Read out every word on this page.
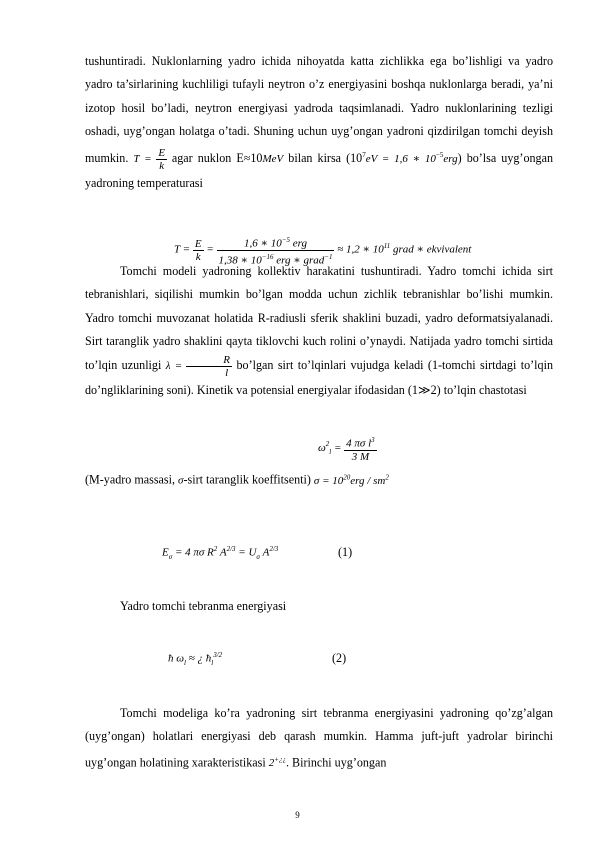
tushuntiradi. Nuklonlarning yadro ichida nihoyatda katta zichlikka ega bo’lishligi va yadro yadro ta’sirlarining kuchliligi tufayli neytron o’z energiyasini boshqa nuklonlarga beradi, ya’ni izotop hosil bo’ladi, neytron energiyasi yadroda taqsimlanadi. Yadro nuklonlarining tezligi oshadi, uyg’ongan holatga o’tadi. Shuning uchun uyg’ongan yadroni qizdirilgan tomchi deyish mumkin. $T = \frac{E}{k}$ agar nuklon E≈10MeV bilan kirsa ($10^7eV = 1,6$ ∗ $10^{-5}erg$) bo’lsa uyg’ongan yadroning temperaturasi
$T = \frac{E}{k} = \frac{1,6 ∗ 10^{-5} erg}{1,38 ∗ 10^{-16} erg ∗ grad^{-1}} \approx 1,2$ ∗ $10^{11}$ grad ∗ ekvivalent
Tomchi modeli yadroning kollektiv harakatini tushuntiradi. Yadro tomchi ichida sirt tebranishlari, siqilishi mumkin bo’lgan modda uchun zichlik tebranishlar bo’lishi mumkin. Yadro tomchi muvozanat holatida R-radiusli sferik shaklini buzadi, yadro deformatsiyalanadi. Sirt taranglik yadro shaklini qayta tiklovchi kuch rolini o’ynaydi. Natijada yadro tomchi sirtida to’lqin uzunligi $\lambda = \frac{R}{l}$ bo’lgan sirt to’lqinlari vujudga keladi (1-tomchi sirtdagi to’lqin do’ngliklarining soni). Kinetik va potensial energiyalar ifodasidan (1≫2) to’lqin chastotasi
$\omega^2_l = \frac{4 \pi\sigma l^3}{3 M}$
(M-yadro massasi, σ-sirt taranglik koeffitsenti) $\sigma = 10^{20}erg / sm^2$
$E_\sigma = 4$ πσ $R^2$ $A^{2/3} = U_\sigma$ $A^{2/3}$	(1)
Yadro tomchi tebranma energiyasi
ħ $\omega_l$ ≈ ¿ $ħ_l^{3/2}$	(2)
Tomchi modeliga ko’ra yadroning sirt tebranma energiyasini yadroning qo’zg’algan (uyg’ongan) holatlari energiyasi deb qarash mumkin. Hamma juft-juft yadrolar birinchi uyg’ongan holatining xarakteristikasi 2+¿¿. Birinchi uyg’ongan
9
